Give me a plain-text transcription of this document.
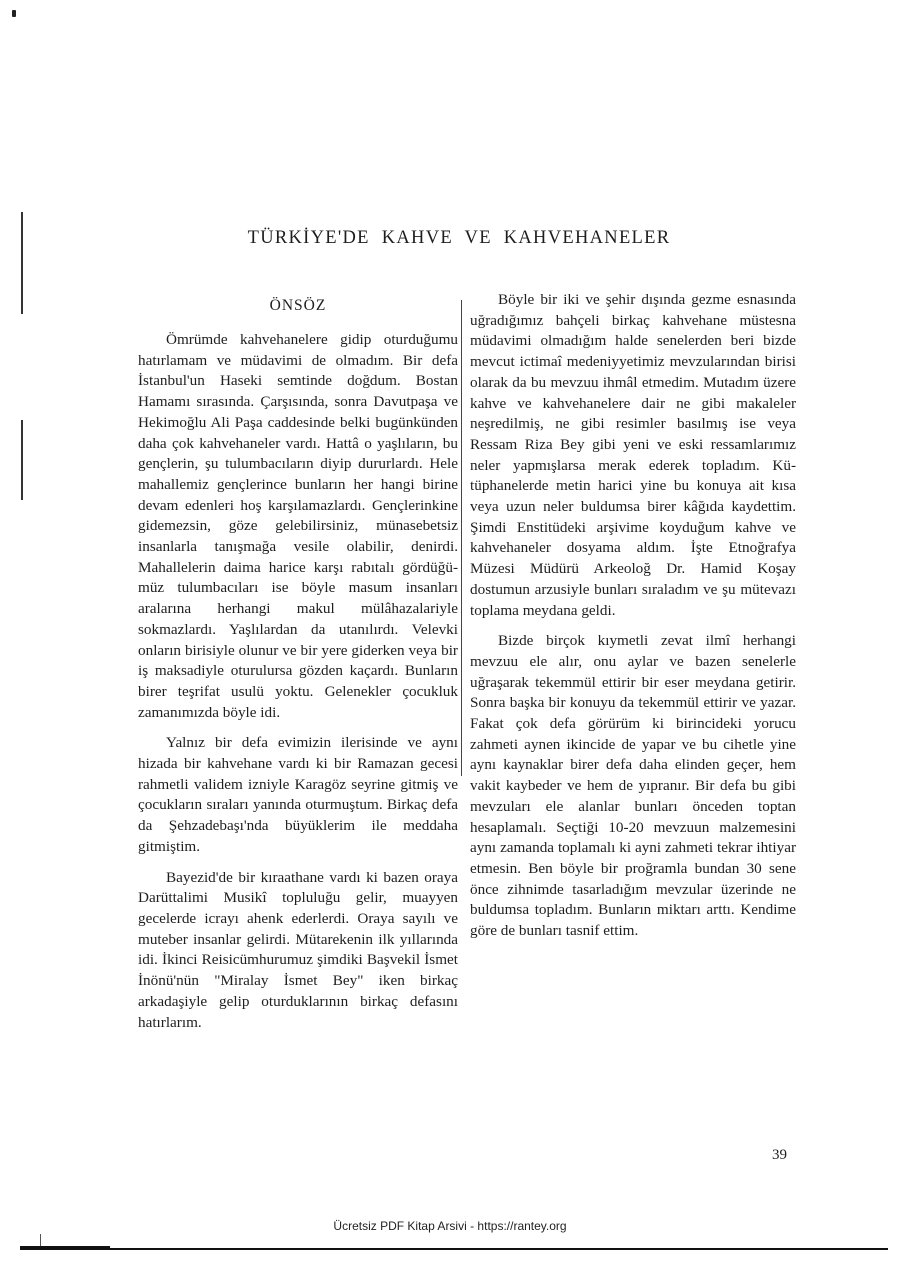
TÜRKİYE'DE KAHVE VE KAHVEHANELER
ÖNSÖZ

Ömrümde kahvehanelere gidip oturduğumu hatırlamam ve müdavimi de olmadım. Bir defa İstanbul'un Haseki semtinde doğdum. Bostan Hamamı sırasında. Çarşısında, sonra Davutpaşa ve Hekimoğlu Ali Paşa caddesinde belki bugünkünden daha çok kahvehaneler vardı. Hattâ o yaşlıların, bu gençlerin, şu tulumbacıların diyip dururlardı. Hele mahallemiz gençlerince bunların her hangi birine devam edenleri hoş karşılamazlardı. Gençlerinkine gidemezsin, göze gelebilirsiniz, münasebetsiz insanlarla tanışmağa vesile olabilir, denirdi. Mahallelerin daima harice karşı rabıtalı gördüğümüz tulumbacıları ise böyle masum insanları aralarına herhangi makul mülâhazalariyle sokmazlardı. Yaşlılardan da utanılırdı. Velevki onların birisiyle olunur ve bir yere giderken veya bir iş maksadiyle oturulursa gözden kaçardı. Bunların birer teşrifat usulü yoktu. Gelenekler çocukluk zamanımızda böyle idi.

Yalnız bir defa evimizin ilerisinde ve aynı hizada bir kahvehane vardı ki bir Ramazan gecesi rahmetli validem izniyle Karagöz seyrine gitmiş ve çocukların sıraları yanında oturmuştum. Birkaç defa da Şehzadebaşı'nda büyüklerim ile meddaha gitmiştim.

Bayezid'de bir kıraathane vardı ki bazen oraya Darüttalimi Musikî topluluğu gelir, muayyen gecelerde icrayı ahenk ederlerdi. Oraya sayılı ve muteber insanlar gelirdi. Mütarekenin ilk yıllarında idi. İkinci Reisicümhurumuz şimdiki Başvekil İsmet İnönü'nün "Miralay İsmet Bey" iken birkaç arkadaşiyle gelip oturduklarının birkaç defasını hatırlarım.

Böyle bir iki ve şehir dışında gezme esnasında uğradığımız bahçeli birkaç kahvehane müstesna müdavimi olmadığım halde senelerden beri bizde mevcut ictimaî medeniyyetimiz mevzularından birisi olarak da bu mevzuu ihmâl etmedim. Mutadım üzere kahve ve kahvehanelere dair ne gibi makaleler neşredilmiş, ne gibi resimler basılmış ise veya Ressam Riza Bey gibi yeni ve eski ressamlarımız neler yapmışlarsa merak ederek topladım. Kütüphanelerde metin harici yine bu konuya ait kısa veya uzun neler buldumsa birer kâğıda kaydettim. Şimdi Enstitüdeki arşivime koyduğum kahve ve kahvehaneler dosyama aldım. İşte Etnoğrafya Müzesi Müdürü Arkeoloğ Dr. Hamid Koşay dostumun arzusiyle bunları sıraladım ve şu mütevazı toplama meydana geldi.

Bizde birçok kıymetli zevat ilmî herhangi mevzuu ele alır, onu aylar ve bazen senelerle uğraşarak tekemmül ettirir bir eser meydana getirir. Sonra başka bir konuyu da tekemmül ettirir ve yazar. Fakat çok defa görürüm ki birincideki yorucu zahmeti aynen ikincide de yapar ve bu cihetle yine aynı kaynaklar birer defa daha elinden geçer, hem vakit kaybeder ve hem de yıpranır. Bir defa bu gibi mevzuları ele alanlar bunları önceden toptan hesaplamalı. Seçtiği 10-20 mevzuun malzemesini aynı zamanda toplamalı ki ayni zahmeti tekrar ihtiyar etmesin. Ben böyle bir proğramla bundan 30 sene önce zihnimde tasarladığım mevzular üzerinde ne buldumsa topladım. Bunların miktarı arttı. Kendime göre de bunları tasnif ettim.

39
Ücretsiz PDF Kitap Arsivi - https://rantey.org
